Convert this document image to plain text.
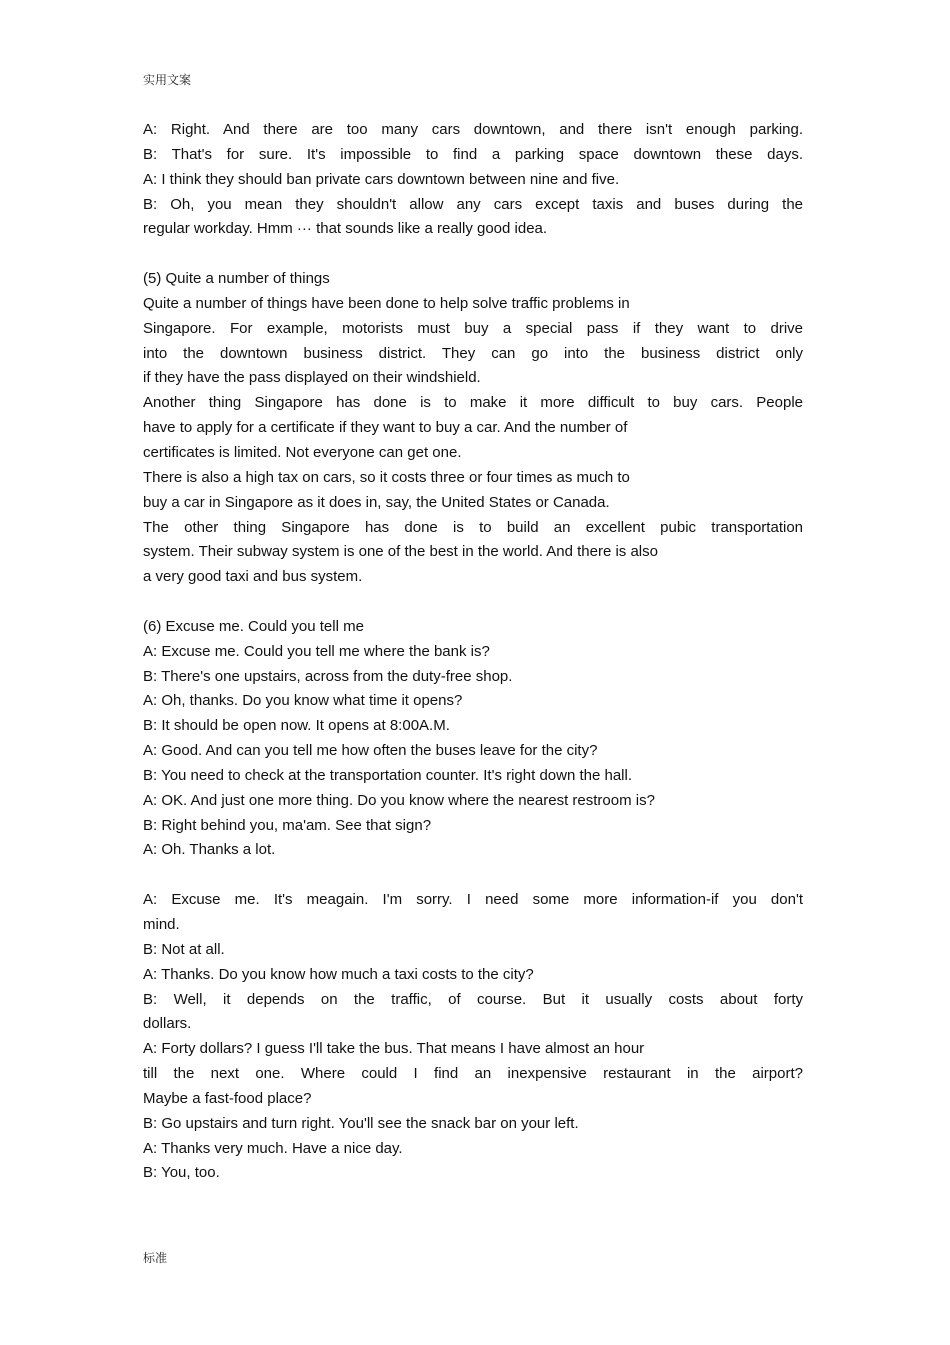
实用文案
A: Right. And there are too many cars downtown, and there isn't enough parking.
B: That's for sure. It's impossible to find a parking space downtown these days.
A: I think they should ban private cars downtown between nine and five.
B: Oh, you mean they shouldn't allow any cars except taxis and buses during the
regular workday. Hmm ··· that sounds like a really good idea.
(5) Quite a number of things
Quite a number of things have been done to help solve traffic problems in
Singapore. For example, motorists must buy a special pass if they want to drive
into the downtown business district. They can go into the business district only
if they have the pass displayed on their windshield.
Another thing Singapore has done is to make it more difficult to buy cars. People
have to apply for a certificate if they want to buy a car. And the number of
certificates is limited. Not everyone can get one.
There is also a high tax on cars, so it costs three or four times as much to
buy a car in Singapore as it does in, say, the United States or Canada.
The other thing Singapore has done is to build an excellent pubic transportation
system. Their subway system is one of the best in the world. And there is also
a very good taxi and bus system.
(6) Excuse me. Could you tell me
A: Excuse me. Could you tell me where the bank is?
B: There's one upstairs, across from the duty-free shop.
A: Oh, thanks. Do you know what time it opens?
B: It should be open now. It opens at 8:00A.M.
A: Good. And can you tell me how often the buses leave for the city?
B: You need to check at the transportation counter. It's right down the hall.
A: OK. And just one more thing. Do you know where the nearest restroom is?
B: Right behind you, ma'am. See that sign?
A: Oh. Thanks a lot.
A: Excuse me. It's meagain. I'm sorry. I need some more information-if you don't
mind.
B: Not at all.
A: Thanks. Do you know how much a taxi costs to the city?
B: Well, it depends on the traffic, of course. But it usually costs about forty
dollars.
A: Forty dollars? I guess I'll take the bus. That means I have almost an hour
till the next one. Where could I find an inexpensive restaurant in the airport?
Maybe a fast-food place?
B: Go upstairs and turn right. You'll see the snack bar on your left.
A: Thanks very much. Have a nice day.
B: You, too.
标准
